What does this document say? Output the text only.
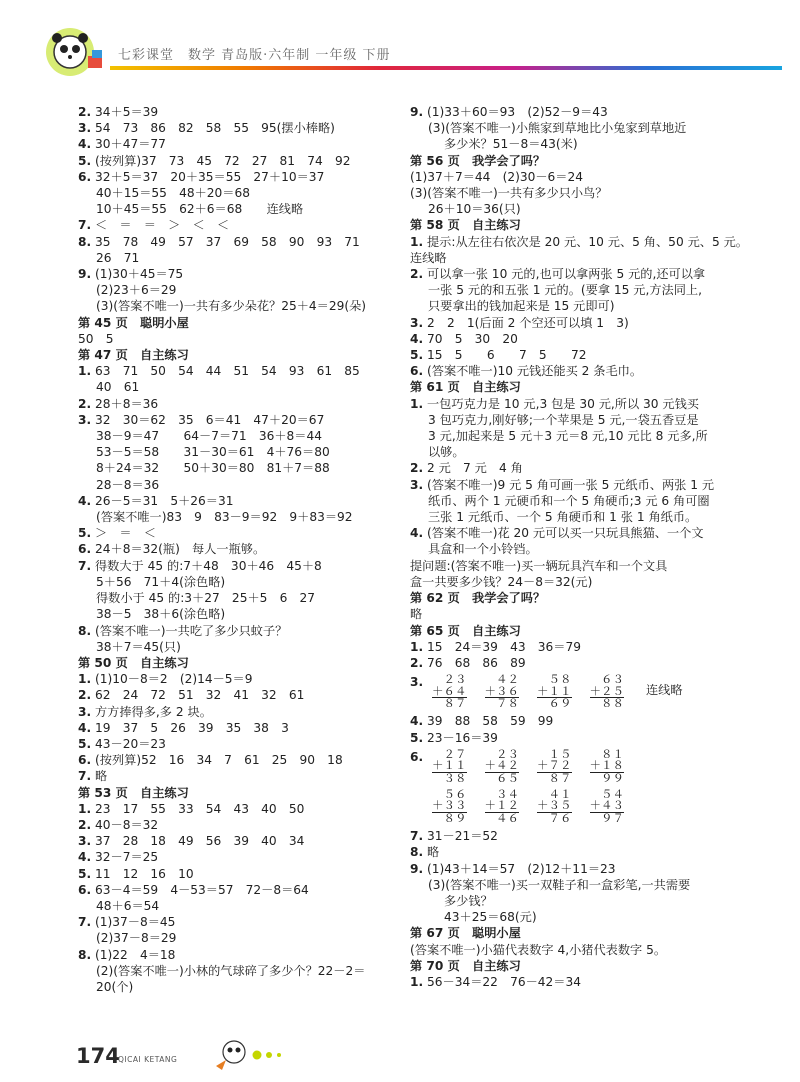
七彩课堂　数学 青岛版·六年制 一年级 下册
2. 34＋5＝39
3. 54　73　86　82　58　55　95(摆小棒略)
4. 30＋47＝77
5. (按列算)37　73　45　72　27　81　74　92
6. 32＋5＝37　20＋35＝55　27＋10＝37
40＋15＝55　48＋20＝68
10＋45＝55　62＋6＝68　　连线略
7. ＜　＝　＝　＞　＜　＜
8. 35　78　49　57　37　69　58　90　93　71
26　71
9. (1)30＋45＝75
(2)23＋6＝29
(3)(答案不唯一)一共有多少朵花？25＋4＝29(朵)
第 45 页　聪明小屋
50　5
第 47 页　自主练习
1. 63　71　50　54　44　51　54　93　61　85
40　61
2. 28＋8＝36
3. 32　30＝62　35　6＝41　47＋20＝67
38－9＝47　　64－7＝71　36＋8＝44
53－5＝58　　31－30＝61　4＋76＝80
8＋24＝32　　50＋30＝80　81＋7＝88
28－8＝36
4. 26－5＝31　5＋26＝31
(答案不唯一)83　9　83－9＝92　9＋83＝92
5. ＞　＝　＜
6. 24＋8＝32(瓶)　每人一瓶够。
7. 得数大于 45 的:7＋48　30＋46　45＋8
5＋56　71＋4(涂色略)
得数小于 45 的:3＋27　25＋5　6　27
38－5　38＋6(涂色略)
8. (答案不唯一)一共吃了多少只蚊子？
38＋7＝45(只)
第 50 页　自主练习
1. (1)10－8＝2　(2)14－5＝9
2. 62　24　72　51　32　41　32　61
3. 方方捧得多,多 2 块。
4. 19　37　5　26　39　35　38　3
5. 43－20＝23
6. (按列算)52　16　34　7　61　25　90　18
7. 略
第 53 页　自主练习
1. 23　17　55　33　54　43　40　50
2. 40－8＝32
3. 37　28　18　49　56　39　40　34
4. 32－7＝25
5. 11　12　16　10
6. 63－4＝59　4－53＝57　72－8＝64
48＋6＝54
7. (1)37－8＝45
(2)37－8＝29
8. (1)22　4＝18
(2)(答案不唯一)小林的气球碎了多少个？22－2＝
20(个)
9. (1)33＋60＝93　(2)52－9＝43
(3)(答案不唯一)小熊家到草地比小兔家到草地近
多少米？51－8＝43(米)
第 56 页　我学会了吗？
(1)37＋7＝44　(2)30－6＝24
(3)(答案不唯一)一共有多少只小鸟？
26＋10＝36(只)
第 58 页　自主练习
1. 提示:从左往右依次是 20 元、10 元、5 角、50 元、5 元。
连线略
2. 可以拿一张 10 元的,也可以拿两张 5 元的,还可以拿
一张 5 元的和五张 1 元的。(要拿 15 元,方法同上,
只要拿出的钱加起来是 15 元即可)
3. 2　2　1(后面 2 个空还可以填 1　3)
4. 70　5　30　20
5. 15　5　　6　　7　5　　72
6. (答案不唯一)10 元钱还能买 2 条毛巾。
第 61 页　自主练习
1. 一包巧克力是 10 元,3 包是 30 元,所以 30 元钱买
3 包巧克力,刚好够;一个苹果是 5 元,一袋五香豆是
3 元,加起来是 5 元＋3 元＝8 元,10 元比 8 元多,所
以够。
2. 2 元　7 元　4 角
3. (答案不唯一)9 元 5 角可画一张 5 元纸币、两张 1 元
纸币、两个 1 元硬币和一个 5 角硬币;3 元 6 角可圈
三张 1 元纸币、一个 5 角硬币和 1 张 1 角纸币。
4. (答案不唯一)花 20 元可以买一只玩具熊猫、一个文
具盒和一个小铃铛。
提问题:(答案不唯一)买一辆玩具汽车和一个文具
盒一共要多少钱？24－8＝32(元)
第 62 页　我学会了吗？
略
第 65 页　自主练习
1. 15　24＝39　43　36＝79
2. 76　68　86　89
3.	２３
＋６４
８７
４２
＋３６
７８
５８
＋１１
６９
６３
＋２５
８８
连线略
4. 39　88　58　59　99
5. 23－16＝39
6.	２７
＋１１
３８
２３
＋４２
６５
１５
＋７２
８７
８１
＋１８
９９
５６
＋３３
８９
３４
＋１２
４６
４１
＋３５
７６
５４
＋４３
９７
7. 31－21＝52
8. 略
9. (1)43＋14＝57　(2)12＋11＝23
(3)(答案不唯一)买一双鞋子和一盒彩笔,一共需要
多少钱？
43＋25＝68(元)
第 67 页　聪明小屋
(答案不唯一)小猫代表数字 4,小猪代表数字 5。
第 70 页　自主练习
1. 56－34＝22　76－42＝34
174
QICAI KETANG
